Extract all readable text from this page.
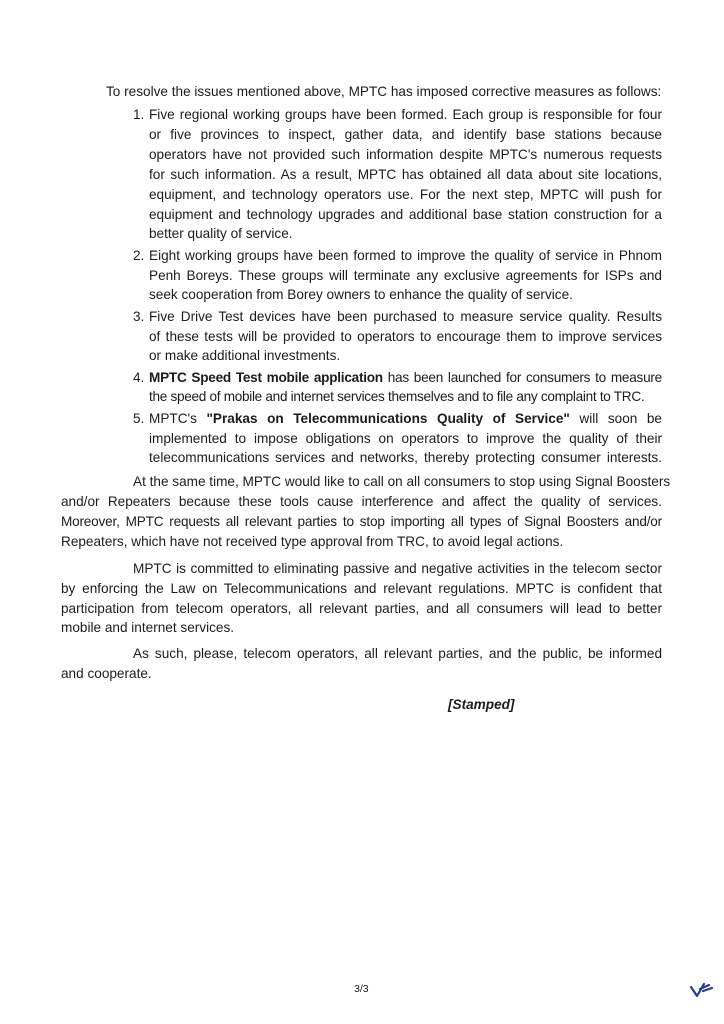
To resolve the issues mentioned above, MPTC has imposed corrective measures as follows:
1. Five regional working groups have been formed. Each group is responsible for four
or five provinces to inspect, gather data, and identify base stations because
operators have not provided such information despite MPTC's numerous requests
for such information. As a result, MPTC has obtained all data about site locations,
equipment, and technology operators use. For the next step, MPTC will push for
equipment and technology upgrades and additional base station construction for a
better quality of service.
2. Eight working groups have been formed to improve the quality of service in Phnom
Penh Boreys. These groups will terminate any exclusive agreements for ISPs and
seek cooperation from Borey owners to enhance the quality of service.
3. Five Drive Test devices have been purchased to measure service quality. Results
of these tests will be provided to operators to encourage them to improve services
or make additional investments.
4. MPTC Speed Test mobile application has been launched for consumers to measure
the speed of mobile and internet services themselves and to file any complaint to TRC.
5. MPTC's "Prakas on Telecommunications Quality of Service" will soon be
implemented to impose obligations on operators to improve the quality of their
telecommunications services and networks, thereby protecting consumer interests.
At the same time, MPTC would like to call on all consumers to stop using Signal Boosters
and/or Repeaters because these tools cause interference and affect the quality of services.
Moreover, MPTC requests all relevant parties to stop importing all types of Signal Boosters and/or
Repeaters, which have not received type approval from TRC, to avoid legal actions.
MPTC is committed to eliminating passive and negative activities in the telecom sector
by enforcing the Law on Telecommunications and relevant regulations. MPTC is confident that
participation from telecom operators, all relevant parties, and all consumers will lead to better
mobile and internet services.
As such, please, telecom operators, all relevant parties, and the public, be informed
and cooperate.
[Stamped]
3/3
